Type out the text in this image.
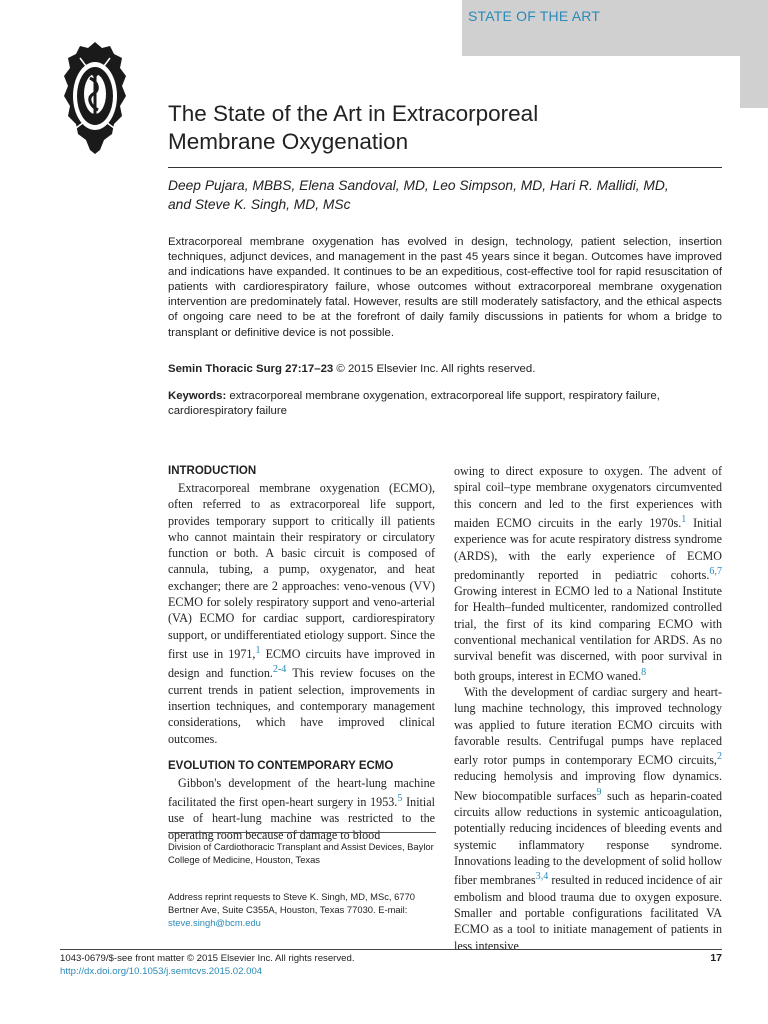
STATE OF THE ART
The State of the Art in Extracorporeal
Membrane Oxygenation
Deep Pujara, MBBS, Elena Sandoval, MD, Leo Simpson, MD, Hari R. Mallidi, MD,
and Steve K. Singh, MD, MSc

Extracorporeal membrane oxygenation has evolved in design, technology, patient selection, insertion techniques, adjunct devices, and management in the past 45 years since it began. Outcomes have improved and indications have expanded. It continues to be an expeditious, cost-effective tool for rapid resuscitation of patients with cardiorespiratory failure, whose outcomes without extracorporeal membrane oxygenation intervention are predominately fatal. However, results are still moderately satisfactory, and the ethical aspects of ongoing care need to be at the forefront of daily family discussions in patients for whom a bridge to transplant or definitive device is not possible.

Semin Thoracic Surg 27:17–23 © 2015 Elsevier Inc. All rights reserved.
Keywords: extracorporeal membrane oxygenation, extracorporeal life support, respiratory failure, cardiorespiratory failure
INTRODUCTION

Extracorporeal membrane oxygenation (ECMO), often referred to as extracorporeal life support, provides temporary support to critically ill patients who cannot maintain their respiratory or circulatory function or both. A basic circuit is composed of cannula, tubing, a pump, oxygenator, and heat exchanger; there are 2 approaches: veno-venous (VV) ECMO for solely respiratory support and veno-arterial (VA) ECMO for cardiac support, cardiorespiratory support, or undifferentiated etiology support. Since the first use in 1971,$^1$ ECMO circuits have improved in design and function.$^{2-4}$ This review focuses on the current trends in patient selection, improvements in insertion techniques, and contemporary management considerations, which have improved clinical outcomes.

EVOLUTION TO CONTEMPORARY ECMO

Gibbon's development of the heart-lung machine facilitated the first open-heart surgery in 1953.$^5$ Initial use of heart-lung machine was restricted to the operating room because of damage to blood

Division of Cardiothoracic Transplant and Assist Devices, Baylor College of Medicine, Houston, Texas
Address reprint requests to Steve K. Singh, MD, MSc, 6770 Bertner Ave, Suite C355A, Houston, Texas 77030. E-mail: steve.singh@bcm.edu

owing to direct exposure to oxygen. The advent of spiral coil–type membrane oxygenators circumvented this concern and led to the first experiences with maiden ECMO circuits in the early 1970s.$^1$ Initial experience was for acute respiratory distress syndrome (ARDS), with the early experience of ECMO predominantly reported in pediatric cohorts.$^{6,7}$ Growing interest in ECMO led to a National Institute for Health–funded multicenter, randomized controlled trial, the first of its kind comparing ECMO with conventional mechanical ventilation for ARDS. As no survival benefit was discerned, with poor survival in both groups, interest in ECMO waned.$^8$

With the development of cardiac surgery and heart-lung machine technology, this improved technology was applied to future iteration ECMO circuits with favorable results. Centrifugal pumps have replaced early rotor pumps in contemporary ECMO circuits,$^2$ reducing hemolysis and improving flow dynamics. New biocompatible surfaces$^9$ such as heparin-coated circuits allow reductions in systemic anticoagulation, potentially reducing incidences of bleeding events and systemic inflammatory response syndrome. Innovations leading to the development of solid hollow fiber membranes$^{3,4}$ resulted in reduced incidence of air embolism and blood trauma due to oxygen exposure. Smaller and portable configurations facilitated VA ECMO as a tool to initiate management of patients in less intensive

1043-0679/$-see front matter © 2015 Elsevier Inc. All rights reserved.
http://dx.doi.org/10.1053/j.semtcvs.2015.02.004
17
